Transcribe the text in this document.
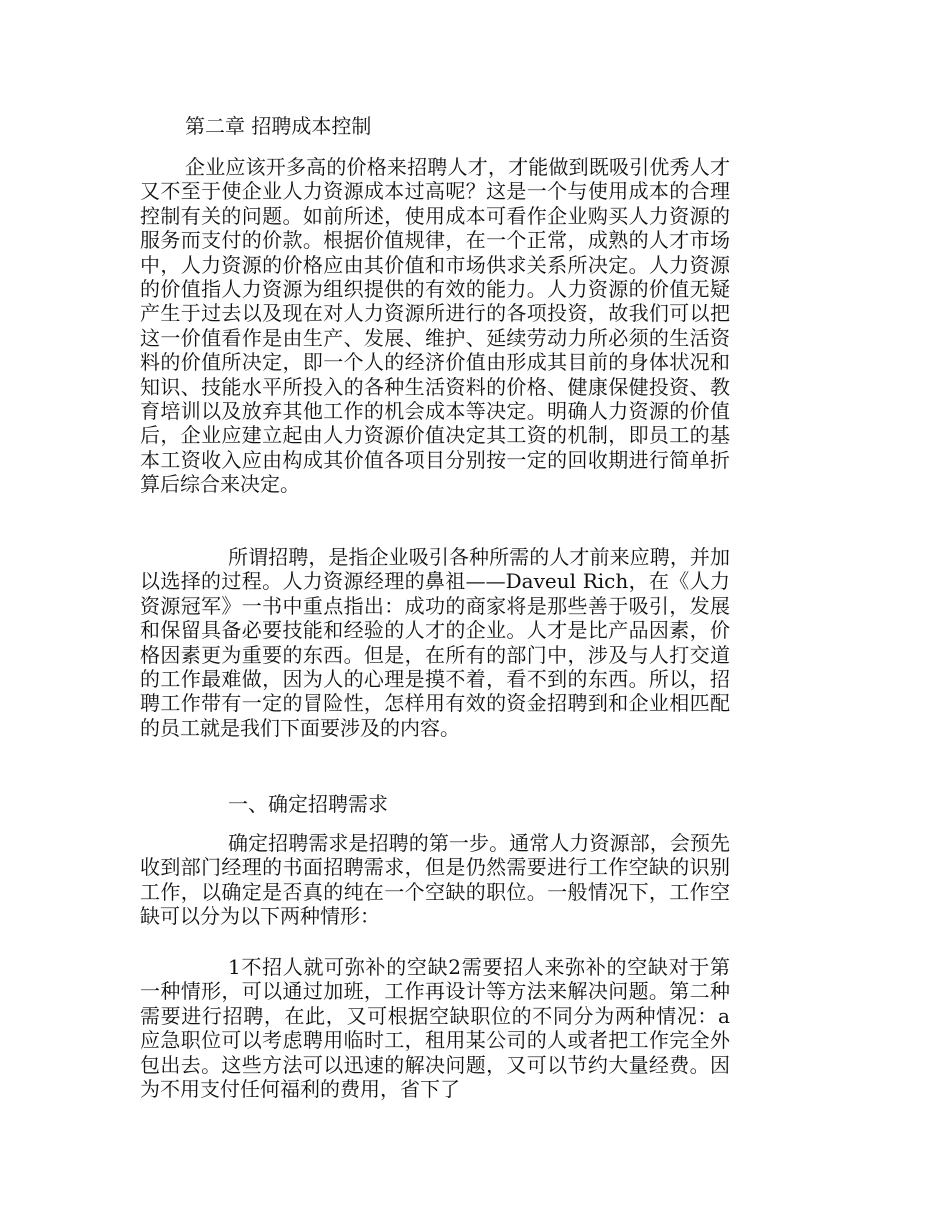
第二章 招聘成本控制

企业应该开多高的价格来招聘人才，才能做到既吸引优秀人才又不至于使企业人力资源成本过高呢？这是一个与使用成本的合理控制有关的问题。如前所述，使用成本可看作企业购买人力资源的服务而支付的价款。根据价值规律，在一个正常，成熟的人才市场中，人力资源的价格应由其价值和市场供求关系所决定。人力资源的价值指人力资源为组织提供的有效的能力。人力资源的价值无疑产生于过去以及现在对人力资源所进行的各项投资，故我们可以把这一价值看作是由生产、发展、维护、延续劳动力所必须的生活资料的价值所决定，即一个人的经济价值由形成其目前的身体状况和知识、技能水平所投入的各种生活资料的价格、健康保健投资、教育培训以及放弃其他工作的机会成本等决定。明确人力资源的价值后，企业应建立起由人力资源价值决定其工资的机制，即员工的基本工资收入应由构成其价值各项目分别按一定的回收期进行简单折算后综合来决定。

所谓招聘，是指企业吸引各种所需的人才前来应聘，并加以选择的过程。人力资源经理的鼻祖——Daveul Rich，在《人力资源冠军》一书中重点指出：成功的商家将是那些善于吸引，发展和保留具备必要技能和经验的人才的企业。人才是比产品因素，价格因素更为重要的东西。但是，在所有的部门中，涉及与人打交道的工作最难做，因为人的心理是摸不着，看不到的东西。所以，招聘工作带有一定的冒险性，怎样用有效的资金招聘到和企业相匹配的员工就是我们下面要涉及的内容。

一、确定招聘需求

确定招聘需求是招聘的第一步。通常人力资源部，会预先收到部门经理的书面招聘需求，但是仍然需要进行工作空缺的识别工作，以确定是否真的纯在一个空缺的职位。一般情况下，工作空缺可以分为以下两种情形：

1不招人就可弥补的空缺2需要招人来弥补的空缺对于第一种情形，可以通过加班，工作再设计等方法来解决问题。第二种需要进行招聘，在此，又可根据空缺职位的不同分为两种情况：a应急职位可以考虑聘用临时工，租用某公司的人或者把工作完全外包出去。这些方法可以迅速的解决问题，又可以节约大量经费。因为不用支付任何福利的费用，省下了
